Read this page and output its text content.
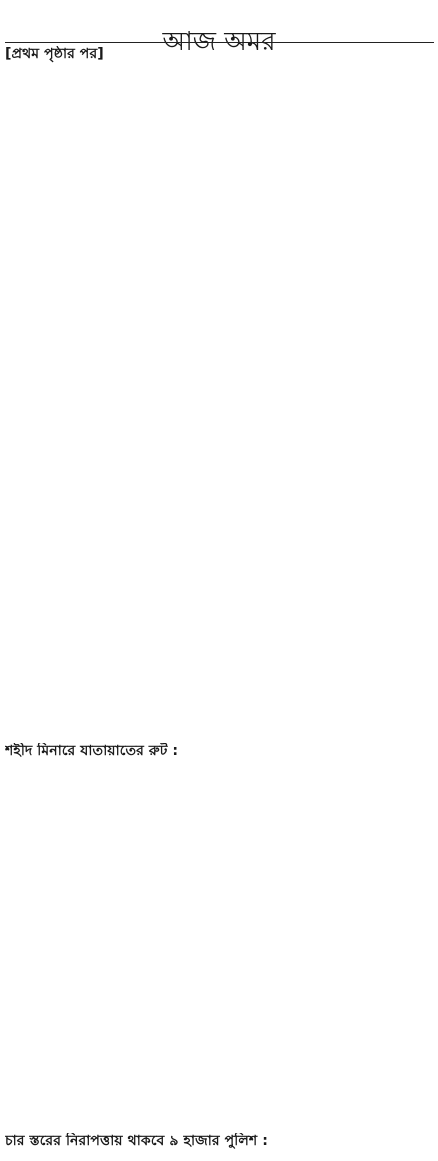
আজ অমর
[প্রথম পৃষ্ঠার পর]
শহীদ মিনারে যাতায়াতের রুট :
চার স্তরের নিরাপত্তায় থাকবে ৯ হাজার পুলিশ :
